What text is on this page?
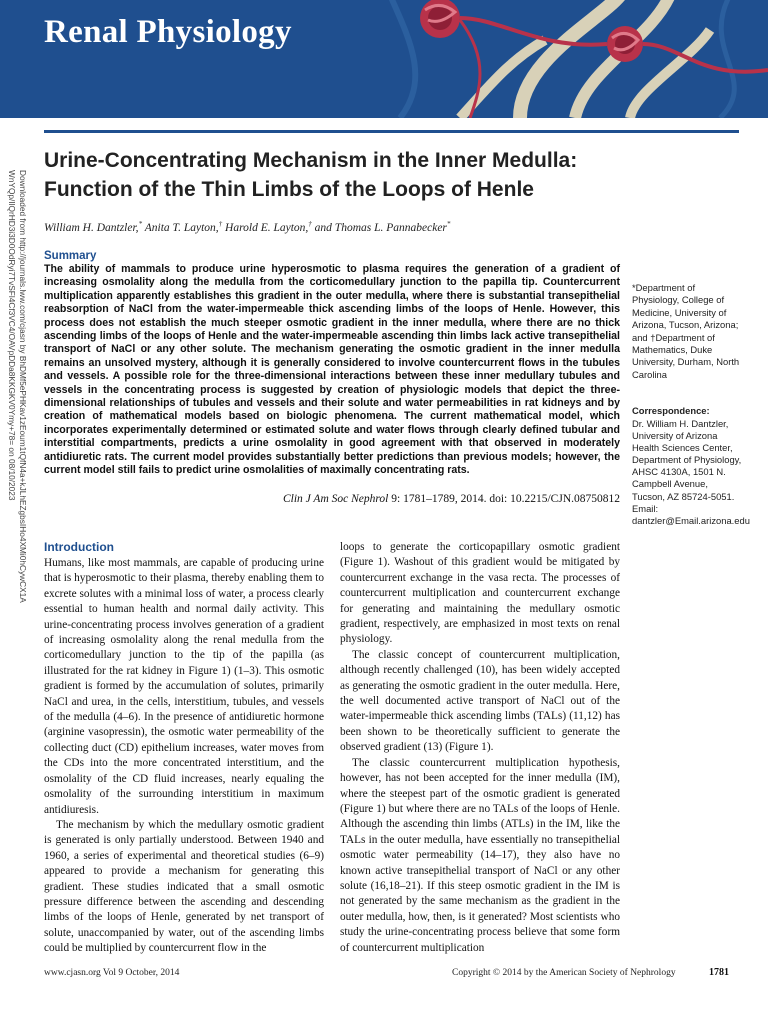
Renal Physiology
Downloaded from http://journals.lww.com/cjasn by BhDMf5ePHKav1zEoum1tQfN4a+kJLhEZgbsIHo4XMi0hCywCX1A
WnYQp/IlQrHD3i3D0OdRyi7TvSFl4Cf3VC4/OAVpDDa8KKGKV0Ymy+78= on 08/10/2023
Urine-Concentrating Mechanism in the Inner Medulla: Function of the Thin Limbs of the Loops of Henle
William H. Dantzler,* Anita T. Layton,† Harold E. Layton,† and Thomas L. Pannabecker*
Summary

The ability of mammals to produce urine hyperosmotic to plasma requires the generation of a gradient of increasing osmolality along the medulla from the corticomedullary junction to the papilla tip. Countercurrent multiplication apparently establishes this gradient in the outer medulla, where there is substantial transepithelial reabsorption of NaCl from the water-impermeable thick ascending limbs of the loops of Henle. However, this process does not establish the much steeper osmotic gradient in the inner medulla, where there are no thick ascending limbs of the loops of Henle and the water-impermeable ascending thin limbs lack active transepithelial transport of NaCl or any other solute. The mechanism generating the osmotic gradient in the inner medulla remains an unsolved mystery, although it is generally considered to involve countercurrent flows in the tubules and vessels. A possible role for the three-dimensional interactions between these inner medullary tubules and vessels in the concentrating process is suggested by creation of physiologic models that depict the three-dimensional relationships of tubules and vessels and their solute and water permeabilities in rat kidneys and by creation of mathematical models based on biologic phenomena. The current mathematical model, which incorporates experimentally determined or estimated solute and water flows through clearly defined tubular and interstitial compartments, predicts a urine osmolality in good agreement with that observed in moderately antidiuretic rats. The current model provides substantially better predictions than previous models; however, the current model still fails to predict urine osmolalities of maximally concentrating rats.

Clin J Am Soc Nephrol 9: 1781–1789, 2014. doi: 10.2215/CJN.08750812

*Department of Physiology, College of Medicine, University of Arizona, Tucson, Arizona; and †Department of Mathematics, Duke University, Durham, North Carolina

Correspondence:

Dr. William H. Dantzler, University of Arizona Health Sciences Center, Department of Physiology, AHSC 4130A, 1501 N. Campbell Avenue, Tucson, AZ 85724-5051. Email: dantzler@Email.arizona.edu

Introduction

Humans, like most mammals, are capable of producing urine that is hyperosmotic to their plasma, thereby enabling them to excrete solutes with a minimal loss of water, a process clearly essential to human health and normal daily activity. This urine-concentrating process involves generation of a gradient of increasing osmolality along the renal medulla from the corticomedullary junction to the tip of the papilla (as illustrated for the rat kidney in Figure 1) (1–3). This osmotic gradient is formed by the accumulation of solutes, primarily NaCl and urea, in the cells, interstitium, tubules, and vessels of the medulla (4–6). In the presence of antidiuretic hormone (arginine vasopressin), the osmotic water permeability of the collecting duct (CD) epithelium increases, water moves from the CDs into the more concentrated interstitium, and the osmolality of the CD fluid increases, nearly equaling the osmolality of the surrounding interstitium in maximum antidiuresis.

The mechanism by which the medullary osmotic gradient is generated is only partially understood. Between 1940 and 1960, a series of experimental and theoretical studies (6–9) appeared to provide a mechanism for generating this gradient. These studies indicated that a small osmotic pressure difference between the ascending and descending limbs of the loops of Henle, generated by net transport of solute, unaccompanied by water, out of the ascending limbs could be multiplied by countercurrent flow in the

loops to generate the corticopapillary osmotic gradient (Figure 1). Washout of this gradient would be mitigated by countercurrent exchange in the vasa recta. The processes of countercurrent multiplication and countercurrent exchange for generating and maintaining the medullary osmotic gradient, respectively, are emphasized in most texts on renal physiology.

The classic concept of countercurrent multiplication, although recently challenged (10), has been widely accepted as generating the osmotic gradient in the outer medulla. Here, the well documented active transport of NaCl out of the water-impermeable thick ascending limbs (TALs) (11,12) has been shown to be theoretically sufficient to generate the observed gradient (13) (Figure 1).

The classic countercurrent multiplication hypothesis, however, has not been accepted for the inner medulla (IM), where the steepest part of the osmotic gradient is generated (Figure 1) but where there are no TALs of the loops of Henle. Although the ascending thin limbs (ATLs) in the IM, like the TALs in the outer medulla, have essentially no transepithelial osmotic water permeability (14–17), they also have no known active transepithelial transport of NaCl or any other solute (16,18–21). If this steep osmotic gradient in the IM is not generated by the same mechanism as the gradient in the outer medulla, how, then, is it generated? Most scientists who study the urine-concentrating process believe that some form of countercurrent multiplication

www.cjasn.org Vol 9 October, 2014	Copyright © 2014 by the American Society of Nephrology	1781
